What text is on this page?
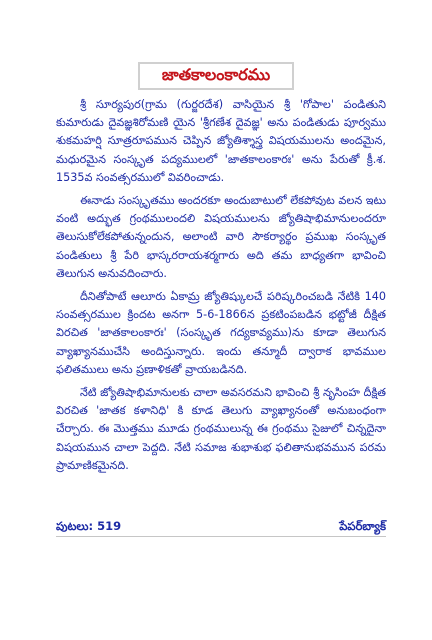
జాతకాలంకారము

శ్రీ సూర్యపుర(గ్రామ (గుర్జరదేశ) వాసియైన శ్రీ 'గోపాల' పండితుని కుమారుడు దైవజ్ఞశిరోమణి యైన 'శ్రీగణేశ దైవజ్ఞ' అను పండితుడు పూర్వము శుకమహర్షి సూత్రరూపమున చెప్పిన జ్యోతిశ్శాస్త్ర విషయములను అందమైన, మధురమైన సంస్కృత పద్యములలో 'జాతకాలంకారః' అను పేరుతో క్రీ.శ. 1535వ సంవత్సరములో వివరించాడు.

ఈనాడు సంస్కృతము అందరకూ అందుబాటులో లేకపోవుట వలన ఇటు వంటి అద్భుత గ్రంథములందలి విషయములను జ్యోతిషాభిమానులందరూ తెలుసుకోలేకపోతున్నందున, అలాంటి వారి సౌకర్యార్థం ప్రముఖ సంస్కృత పండితులు శ్రీ పేరి భాస్కరరాయశర్మగారు అది తమ బాధ్యతగా భావించి తెలుగున అనువదించారు.

దీనితోపాటే ఆలూరు ఏకామ్ర జ్యోతిష్కులచే పరిష్కరించబడి నేటికి 140 సంవత్సరముల క్రిందట అనగా 5-6-1866న ప్రకటింపబడిన భట్టోజీ దీక్షిత విరచిత 'జాతకాలంకారః' (సంస్కృత గద్యకావ్యము)ను కూడా తెలుగున వ్యాఖ్యానముచేసి అందిస్తున్నారు. ఇందు తన్మూదీ ద్వారాక భావముల ఫలితములు అను ప్రణాళికతో వ్రాయబడినది.

నేటి జ్యోతిషాభిమానులకు చాలా అవసరమని భావించి శ్రీ నృసింహ దీక్షిత విరచిత 'జాతక కళానిధి' కి కూడ తెలుగు వ్యాఖ్యానంతో అనుబంధంగా చేర్చారు. ఈ మొత్తము మూడు గ్రంథములున్న ఈ గ్రంథము సైజులో చిన్నదైనా విషయమున చాలా పెద్దది. నేటి సమాజ శుభాశుభ ఫలితానుభవమున పరమ ప్రామాణికమైనది.

పుటలు: 519	పేపర్‌బ్యాక్
